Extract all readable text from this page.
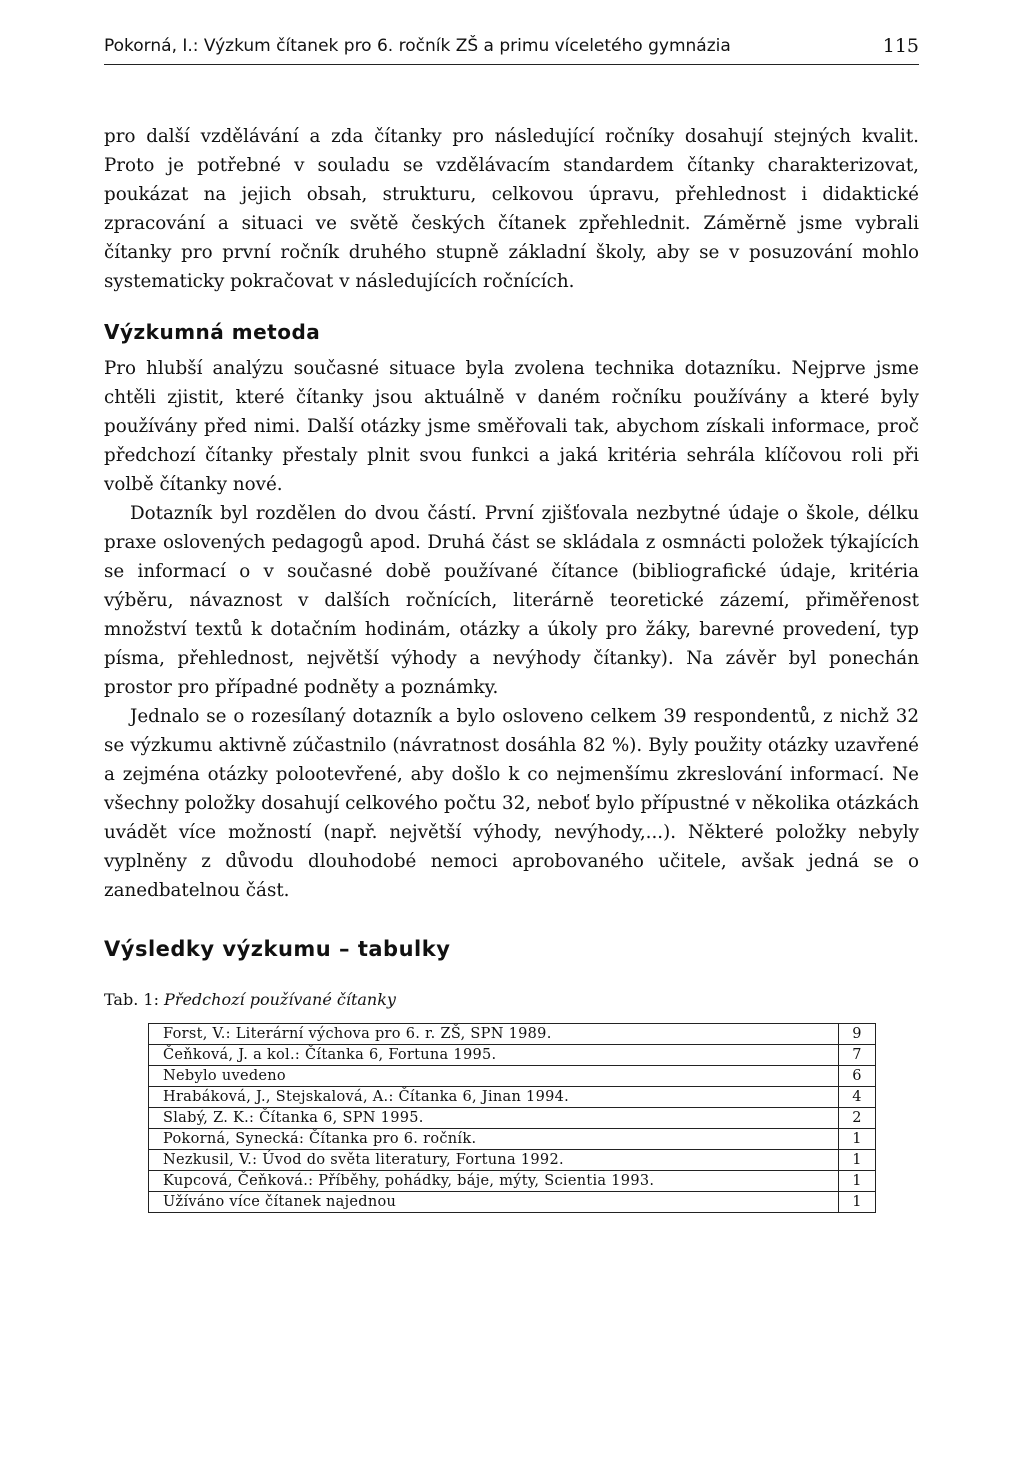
Pokorná, I.: Výzkum čítanek pro 6. ročník ZŠ a primu víceletého gymnázia	115

pro další vzdělávání a zda čítanky pro následující ročníky dosahují stejných kvalit. Proto je potřebné v souladu se vzdělávacím standardem čítanky charakterizovat, poukázat na jejich obsah, strukturu, celkovou úpravu, přehlednost i didaktické zpracování a situaci ve světě českých čítanek zpřehlednit. Záměrně jsme vybrali čítanky pro první ročník druhého stupně základní školy, aby se v posuzování mohlo systematicky pokračovat v následujících ročnících.

Výzkumná metoda

Pro hlubší analýzu současné situace byla zvolena technika dotazníku. Nejprve jsme chtěli zjistit, které čítanky jsou aktuálně v daném ročníku používány a které byly používány před nimi. Další otázky jsme směřovali tak, abychom získali informace, proč předchozí čítanky přestaly plnit svou funkci a jaká kritéria sehrála klíčovou roli při volbě čítanky nové.

Dotazník byl rozdělen do dvou částí. První zjišťovala nezbytné údaje o škole, délku praxe oslovených pedagogů apod. Druhá část se skládala z osmnácti položek týkajících se informací o v současné době používané čítance (bibliografické údaje, kritéria výběru, návaznost v dalších ročnících, literárně teoretické zázemí, přiměřenost množství textů k dotačním hodinám, otázky a úkoly pro žáky, barevné provedení, typ písma, přehlednost, největší výhody a nevýhody čítanky). Na závěr byl ponechán prostor pro případné podněty a poznámky.

Jednalo se o rozesílaný dotazník a bylo osloveno celkem 39 respondentů, z nichž 32 se výzkumu aktivně zúčastnilo (návratnost dosáhla 82 %). Byly použity otázky uzavřené a zejména otázky polootevřené, aby došlo k co nejmenšímu zkreslování informací. Ne všechny položky dosahují celkového počtu 32, neboť bylo přípustné v několika otázkách uvádět více možností (např. největší výhody, nevýhody,...). Některé položky nebyly vyplněny z důvodu dlouhodobé nemoci aprobovaného učitele, avšak jedná se o zanedbatelnou část.

Výsledky výzkumu – tabulky
Tab. 1: Předchozí používané čítanky
Forst, V.: Literární výchova pro 6. r. ZŠ, SPN 1989.	9
Čeňková, J. a kol.: Čítanka 6, Fortuna 1995.	7
Nebylo uvedeno	6
Hrabáková, J., Stejskalová, A.: Čítanka 6, Jinan 1994.	4
Slabý, Z. K.: Čítanka 6, SPN 1995.	2
Pokorná, Synecká: Čítanka pro 6. ročník.	1
Nezkusil, V.: Úvod do světa literatury, Fortuna 1992.	1
Kupcová, Čeňková.: Příběhy, pohádky, báje, mýty, Scientia 1993.	1
Užíváno více čítanek najednou	1
